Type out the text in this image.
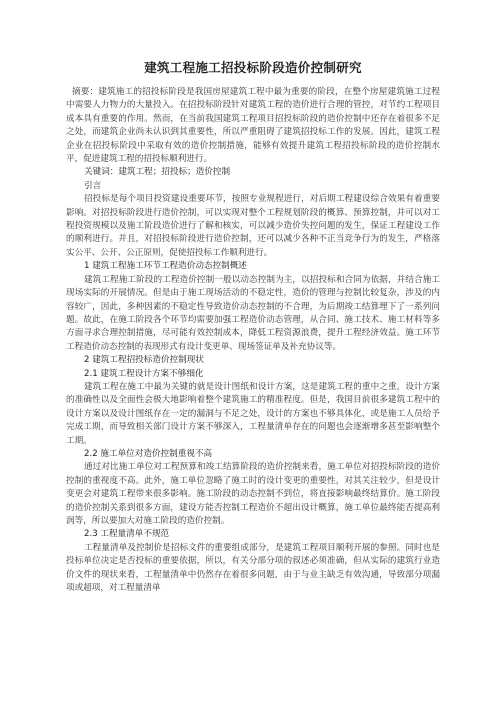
建筑工程施工招投标阶段造价控制研究

摘要：建筑施工的招投标阶段是我国房屋建筑工程中最为重要的阶段，在整个房屋建筑施工过程中需要人力物力的大量投入。在招投标阶段针对建筑工程的造价进行合理的管控，对节约工程项目成本具有重要的作用。然而，在当前我国建筑工程项目招投标阶段的造价控制中还存在着很多不足之处，而建筑企业尚未认识到其重要性，所以严重阻碍了建筑招投标工作的发展。因此，建筑工程企业在招投标阶段中采取有效的造价控制措施，能够有效提升建筑工程招投标阶段的造价控制水平，促进建筑工程的招投标顺利进行。

关键词：建筑工程；招投标；造价控制

引言

招投标是每个项目投资建设重要环节，按照专业规程进行，对后期工程建设综合效果有着重要影响。对招投标阶段进行造价控制，可以实现对整个工程规划阶段的概算、预算控制，并可以对工程投资规模以及施工阶段造价进行了解和核实，可以减少造价失控问题的发生，保证工程建设工作的顺利进行。并且，对招投标阶段进行造价控制，还可以减少各种不正当竞争行为的发生，严格落实公平、公开、公正原则，促使招投标工作顺利进行。

1 建筑工程施工环节工程造价动态控制概述

建筑工程施工阶段的工程造价控制一般以动态控制为主，以招投标和合同为依据，并结合施工现场实际的开展情况。但是由于施工现场活动的不稳定性，造价的管理与控制比较复杂，涉及的内容较广，因此，多种因素的不稳定性导致造价动态控制的不合理，为后期竣工结算埋下了一系列问题。故此，在施工阶段各个环节均需要加强工程造价动态管理，从合同、施工技术、施工材料等多方面寻求合理控制措施，尽可能有效控制成本，降低工程资源浪费，提升工程经济效益。施工环节工程造价动态控制的表现形式有设计变更单、现场签证单及补充协议等。

2 建筑工程招投标造价控制现状

2.1 建筑工程设计方案不够细化

建筑工程在施工中最为关键的就是设计图纸和设计方案，这是建筑工程的重中之重，设计方案的准确性以及全面性会极大地影响着整个建筑施工的精准程度。但是，我国目前很多建筑工程中的设计方案以及设计图纸存在一定的漏洞与不足之处，设计的方案也不够具体化，或是施工人员给予完成工期，而导致相关部门设计方案不够深入，工程量清单存在的问题也会逐渐增多甚至影响整个工期。

2.2 施工单位对造价控制重视不高

通过对比施工单位对工程预算和竣工结算阶段的造价控制来看，施工单位对招投标阶段的造价控制的重视度不高。此外，施工单位忽略了施工时的设计变更的重要性，对其关注较少，但是设计变更会对建筑工程带来很多影响。施工阶段的动态控制不到位，将直接影响最终结算价。施工阶段的造价控制关系到很多方面，建设方能否控制工程造价不超出设计概算，施工单位最终能否提高利润等，所以要加大对施工阶段的造价控制。

2.3 工程量清单不规范

工程量清单及控制价是招标文件的重要组成部分，是建筑工程项目顺利开展的参照。同时也是投标单位决定是否投标的重要依据，所以，有关分部分项的叙述必须准确，但从实际的建筑行业造价文件的现状来看，工程量清单中仍然存在着很多问题，由于与业主缺乏有效沟通，导致部分项漏项或超项，对工程量清单
